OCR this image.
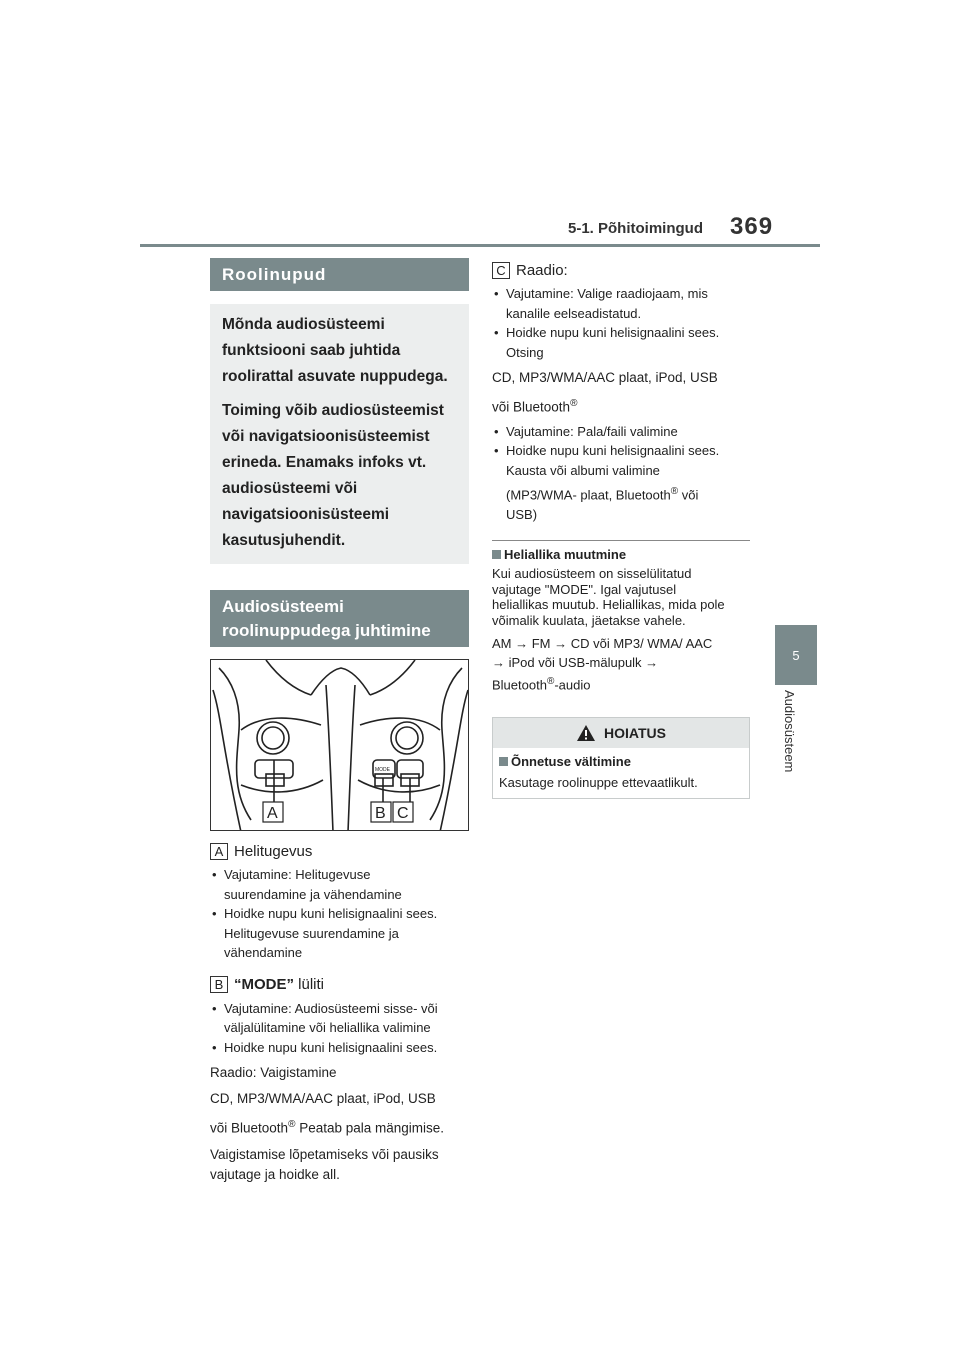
5-1. Põhitoimingud 369
5
Audiosüsteem
Roolinupud

Mõnda audiosüsteemi funktsiooni saab juhtida roolirattal asuvate nuppudega.

Toiming võib audiosüsteemist või navigatsioonisüsteemist erineda. Enamaks infoks vt. audiosüsteemi või navigatsioonisüsteemi kasutusjuhendit.

Audiosüsteemi
roolinuppudega juhtimine
MODE
A	B C
A Helitugevus
• Vajutamine: Helitugevuse
suurendamine ja vähendamine
• Hoidke nupu kuni helisignaalini sees.
Helitugevuse suurendamine ja
vähendamine
B “MODE” lüliti
• Vajutamine: Audiosüsteemi sisse- või
väljalülitamine või heliallika valimine
• Hoidke nupu kuni helisignaalini sees.
Raadio: Vaigistamine
CD, MP3/WMA/AAC plaat, iPod, USB
või Bluetooth® Peatab pala mängimise.
Vaigistamise lõpetamiseks või pausiks
vajutage ja hoidke all.
C Raadio:
• Vajutamine: Valige raadiojaam, mis
kanalile eelseadistatud.
• Hoidke nupu kuni helisignaalini sees.
Otsing
CD, MP3/WMA/AAC plaat, iPod, USB
või Bluetooth®
• Vajutamine: Pala/faili valimine
• Hoidke nupu kuni helisignaalini sees.
Kausta või albumi valimine
(MP3/WMA- plaat, Bluetooth® või
USB)
Heliallika muutmine
Kui audiosüsteem on sisselülitatud
vajutage "MODE". Igal vajutusel
heliallikas muutub. Heliallikas, mida pole
võimalik kuulata, jäetakse vahele.
AM → FM → CD või MP3/ WMA/ AAC
→ iPod või USB-mälupulk →
Bluetooth®-audio
HOIATUS
Õnnetuse vältimine
Kasutage roolinuppe ettevaatlikult.
